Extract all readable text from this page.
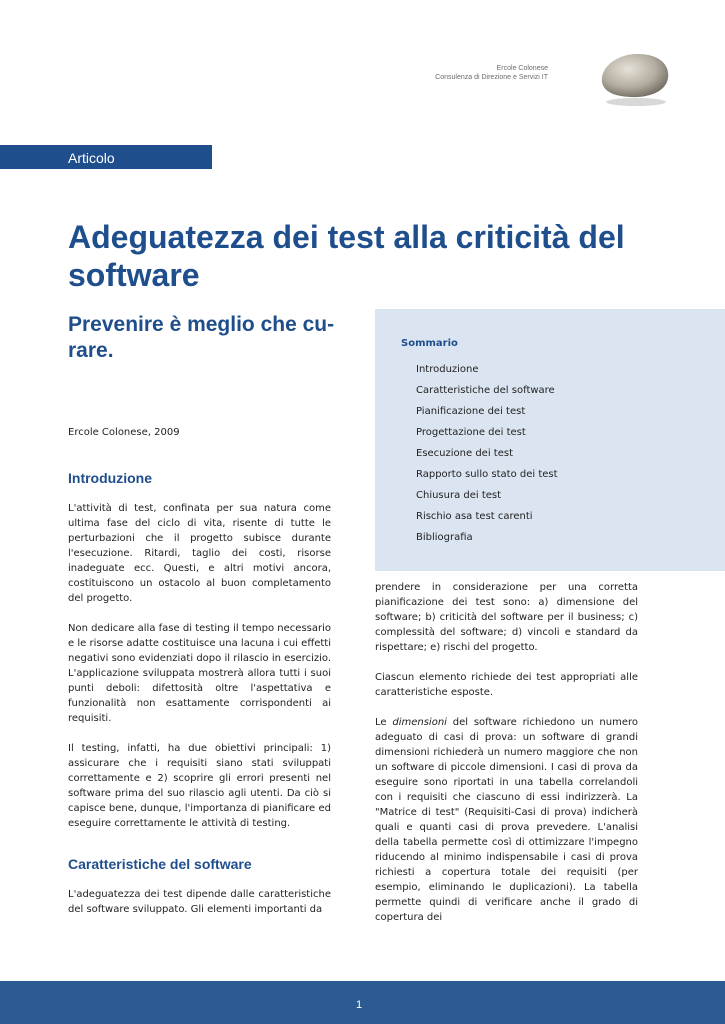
Ercole Colonese
Consulenza di Direzione e Servizi IT
Articolo
Adeguatezza dei test alla criticità del software
Prevenire è meglio che cu-rare.	Sommario
Introduzione
Caratteristiche del software
Pianificazione dei test
Progettazione dei test
Esecuzione dei test
Rapporto sullo stato dei test
Chiusura dei test
Rischio asa test carenti
Bibliografia
Ercole Colonese, 2009
Introduzione

L'attività di test, confinata per sua natura come ultima fase del ciclo di vita, risente di tutte le perturbazioni che il progetto subisce durante l'esecuzione. Ritardi, taglio dei costi, risorse inadeguate ecc. Questi, e altri motivi ancora, costituiscono un ostacolo al buon completamento del progetto.

Non dedicare alla fase di testing il tempo necessario e le risorse adatte costituisce una lacuna i cui effetti negativi sono evidenziati dopo il rilascio in esercizio. L'applicazione sviluppata mostrerà allora tutti i suoi punti deboli: difettosità oltre l'aspettativa e funzionalità non esattamente corrispondenti ai requisiti.

Il testing, infatti, ha due obiettivi principali: 1) assicurare che i requisiti siano stati sviluppati correttamente e 2) scoprire gli errori presenti nel software prima del suo rilascio agli utenti. Da ciò si capisce bene, dunque, l'importanza di pianificare ed eseguire correttamente le attività di testing.

Caratteristiche del software

L'adeguatezza dei test dipende dalle caratteristiche del software sviluppato. Gli elementi importanti da

prendere in considerazione per una corretta pianificazione dei test sono: a) dimensione del software; b) criticità del software per il business; c) complessità del software; d) vincoli e standard da rispettare; e) rischi del progetto.

Ciascun elemento richiede dei test appropriati alle caratteristiche esposte.

Le dimensioni del software richiedono un numero adeguato di casi di prova: un software di grandi dimensioni richiederà un numero maggiore che non un software di piccole dimensioni. I casi di prova da eseguire sono riportati in una tabella correlandoli con i requisiti che ciascuno di essi indirizzerà. La "Matrice di test" (Requisiti-Casi di prova) indicherà quali e quanti casi di prova prevedere. L'analisi della tabella permette così di ottimizzare l'impegno riducendo al minimo indispensabile i casi di prova richiesti a copertura totale dei requisiti (per esempio, eliminando le duplicazioni). La tabella permette quindi di verificare anche il grado di copertura dei

1
